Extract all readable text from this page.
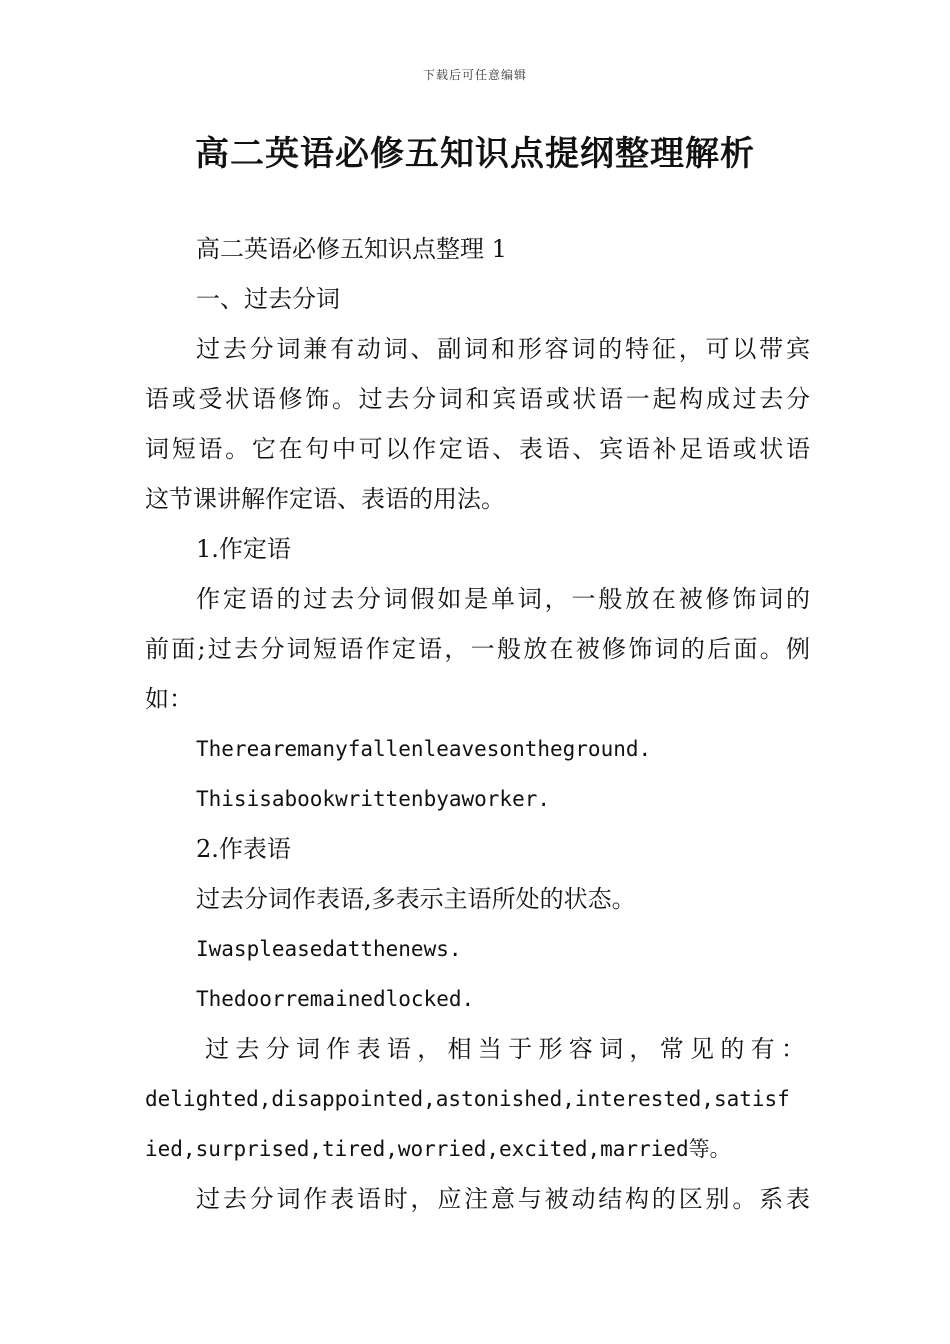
下载后可任意编辑
高二英语必修五知识点提纲整理解析
高二英语必修五知识点整理 1
一、过去分词
过去分词兼有动词、副词和形容词的特征，可以带宾
语或受状语修饰。过去分词和宾语或状语一起构成过去分
词短语。它在句中可以作定语、表语、宾语补足语或状语
这节课讲解作定语、表语的用法。
1.作定语
作定语的过去分词假如是单词，一般放在被修饰词的
前面;过去分词短语作定语，一般放在被修饰词的后面。例
如：
Therearemanyfallenleavesontheground.
Thisisabookwrittenbyaworker.
2.作表语
过去分词作表语,多表示主语所处的状态。
Iwaspleasedatthenews.
Thedoorremainedlocked.
过去分词作表语，相当于形容词，常见的有：
delighted,disappointed,astonished,interested,satisf
ied,surprised,tired,worried,excited,married等。
过去分词作表语时，应注意与被动结构的区别。系表
